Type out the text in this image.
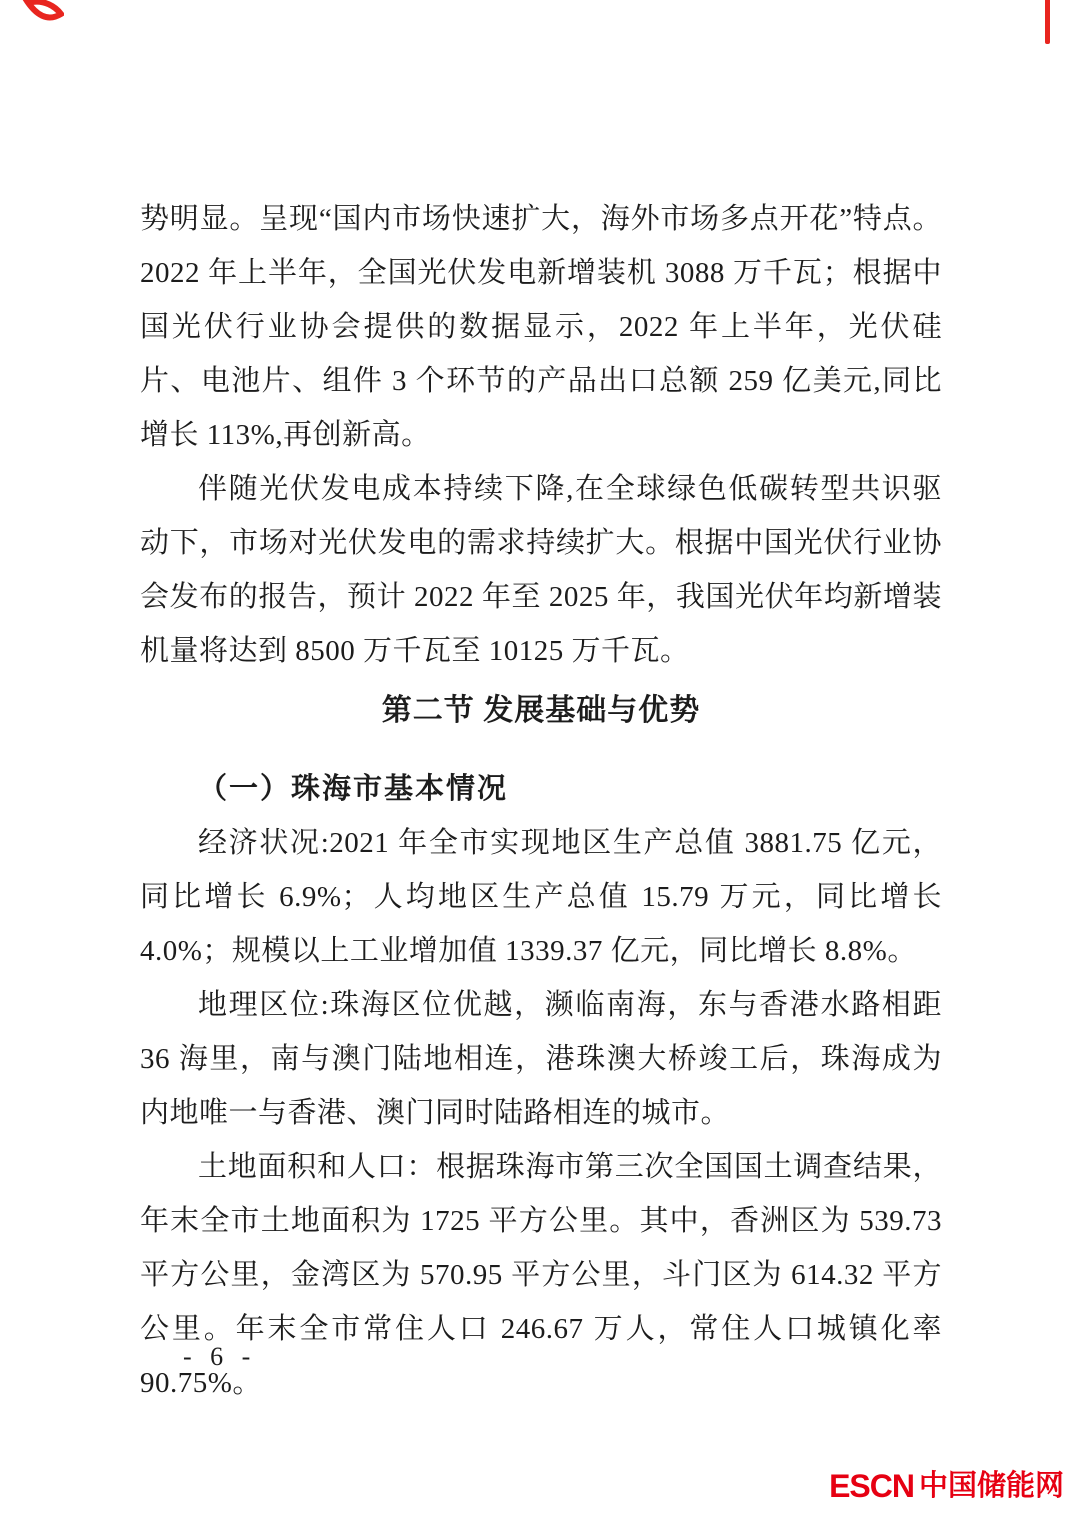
势明显。呈现“国内市场快速扩大，海外市场多点开花”特点。2022 年上半年，全国光伏发电新增装机 3088 万千瓦；根据中国光伏行业协会提供的数据显示，2022 年上半年，光伏硅片、电池片、组件 3 个环节的产品出口总额 259 亿美元,同比增长 113%,再创新高。

伴随光伏发电成本持续下降,在全球绿色低碳转型共识驱动下，市场对光伏发电的需求持续扩大。根据中国光伏行业协会发布的报告，预计 2022 年至 2025 年，我国光伏年均新增装机量将达到 8500 万千瓦至 10125 万千瓦。

第二节 发展基础与优势
（一）珠海市基本情况

经济状况:2021 年全市实现地区生产总值 3881.75 亿元，同比增长 6.9%；人均地区生产总值 15.79 万元，同比增长 4.0%；规模以上工业增加值 1339.37 亿元，同比增长 8.8%。

地理区位:珠海区位优越，濒临南海，东与香港水路相距 36 海里，南与澳门陆地相连，港珠澳大桥竣工后，珠海成为内地唯一与香港、澳门同时陆路相连的城市。

土地面积和人口：根据珠海市第三次全国国土调查结果，年末全市土地面积为 1725 平方公里。其中，香洲区为 539.73 平方公里，金湾区为 570.95 平方公里，斗门区为 614.32 平方公里。年末全市常住人口 246.67 万人，常住人口城镇化率 90.75%。

- 6 -
ESCN 中国储能网
